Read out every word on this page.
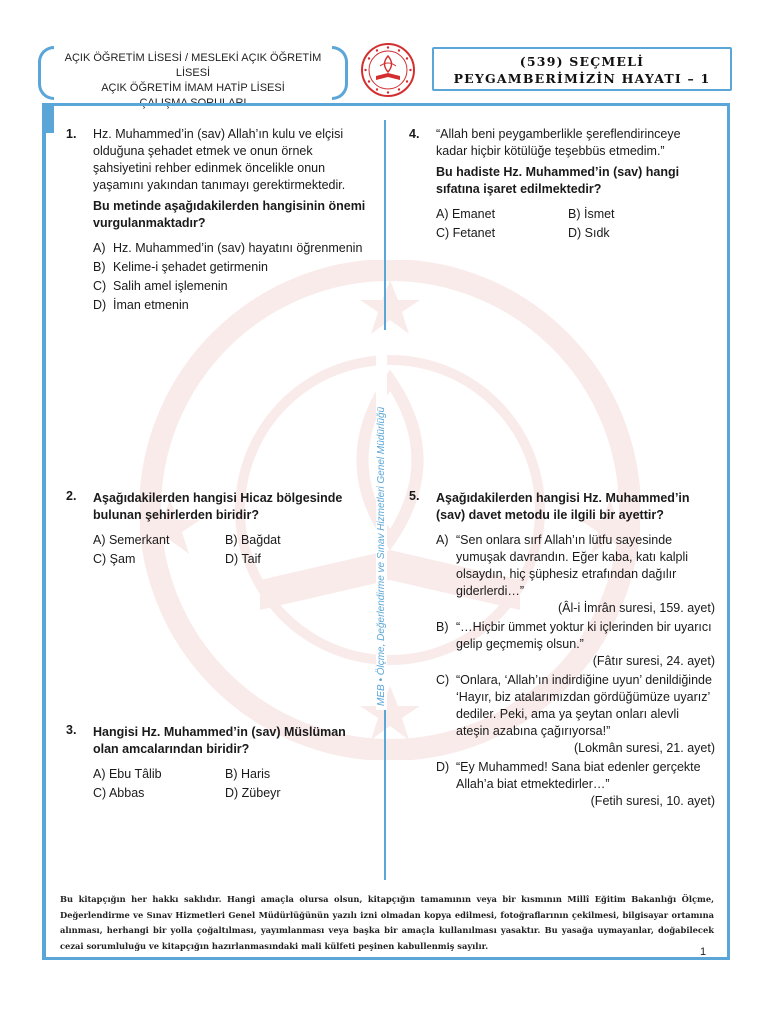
AÇIK ÖĞRETİM LİSESİ / MESLEKİ AÇIK ÖĞRETİM LİSESİ
AÇIK ÖĞRETİM İMAM HATİP LİSESİ
(539) SEÇMELİ
PEYGAMBERİMİZİN HAYATI – 1
MEB • Ölçme, Değerlendirme ve Sınav Hizmetleri Genel Müdürlüğü
1. Hz. Muhammed’in (sav) Allah’ın kulu ve elçisi olduğuna şehadet etmek ve onun örnek şahsiyetini rehber edinmek öncelikle onun yaşamını yakından tanımayı gerektirmektedir.

Bu metinde aşağıdakilerden hangisinin önemi vurgulanmaktadır?

A) Hz. Muhammed’in (sav) hayatını öğrenmenin
B) Kelime-i şehadet getirmenin
C) Salih amel işlemenin
D) İman etmenin
2. Aşağıdakilerden hangisi Hicaz bölgesinde bulunan şehirlerden biridir?

A) Semerkant	B) Bağdat
C) Şam	D) Taif
3. Hangisi Hz. Muhammed’in (sav) Müslüman olan amcalarından biridir?

A) Ebu Tâlib	B) Haris
C) Abbas	D) Zübeyr
4. “Allah beni peygamberlikle şereflendirinceye kadar hiçbir kötülüğe teşebbüs etmedim.”

Bu hadiste Hz. Muhammed’in (sav) hangi sıfatına işaret edilmektedir?

A) Emanet	B) İsmet
C) Fetanet	D) Sıdk
5. Aşağıdakilerden hangisi Hz. Muhammed’in (sav) davet metodu ile ilgili bir ayettir?

A) “Sen onlara sırf Allah’ın lütfu sayesinde yumuşak davrandın. Eğer kaba, katı kalpli olsaydın, hiç şüphesiz etrafından dağılır giderlerdi…”
(Âl-i İmrân suresi, 159. ayet)
B) “…Hiçbir ümmet yoktur ki içlerinden bir uyarıcı gelip geçmemiş olsun.”
(Fâtır suresi, 24. ayet)
C) “Onlara, ‘Allah’ın indirdiğine uyun’ denildiğinde ‘Hayır, biz atalarımızdan gördüğümüze uyarız’ dediler. Peki, ama ya şeytan onları alevli ateşin azabına çağırıyorsa!”
(Lokmân suresi, 21. ayet)
D) “Ey Muhammed! Sana biat edenler gerçekte Allah’a biat etmektedirler…”
(Fetih suresi, 10. ayet)
Bu kitapçığın her hakkı saklıdır. Hangi amaçla olursa olsun, kitapçığın tamamının veya bir kısmının Millî Eğitim Bakanlığı Ölçme, Değerlendirme ve Sınav Hizmetleri Genel Müdürlüğünün yazılı izni olmadan kopya edilmesi, fotoğraflarının çekilmesi, bilgisayar ortamına alınması, herhangi bir yolla çoğaltılması, yayımlanması veya başka bir amaçla kullanılması yasaktır. Bu yasağa uymayanlar, doğabilecek cezai sorumluluğu ve kitapçığın hazırlanmasındaki mali külfeti peşinen kabullenmiş sayılır.
1
